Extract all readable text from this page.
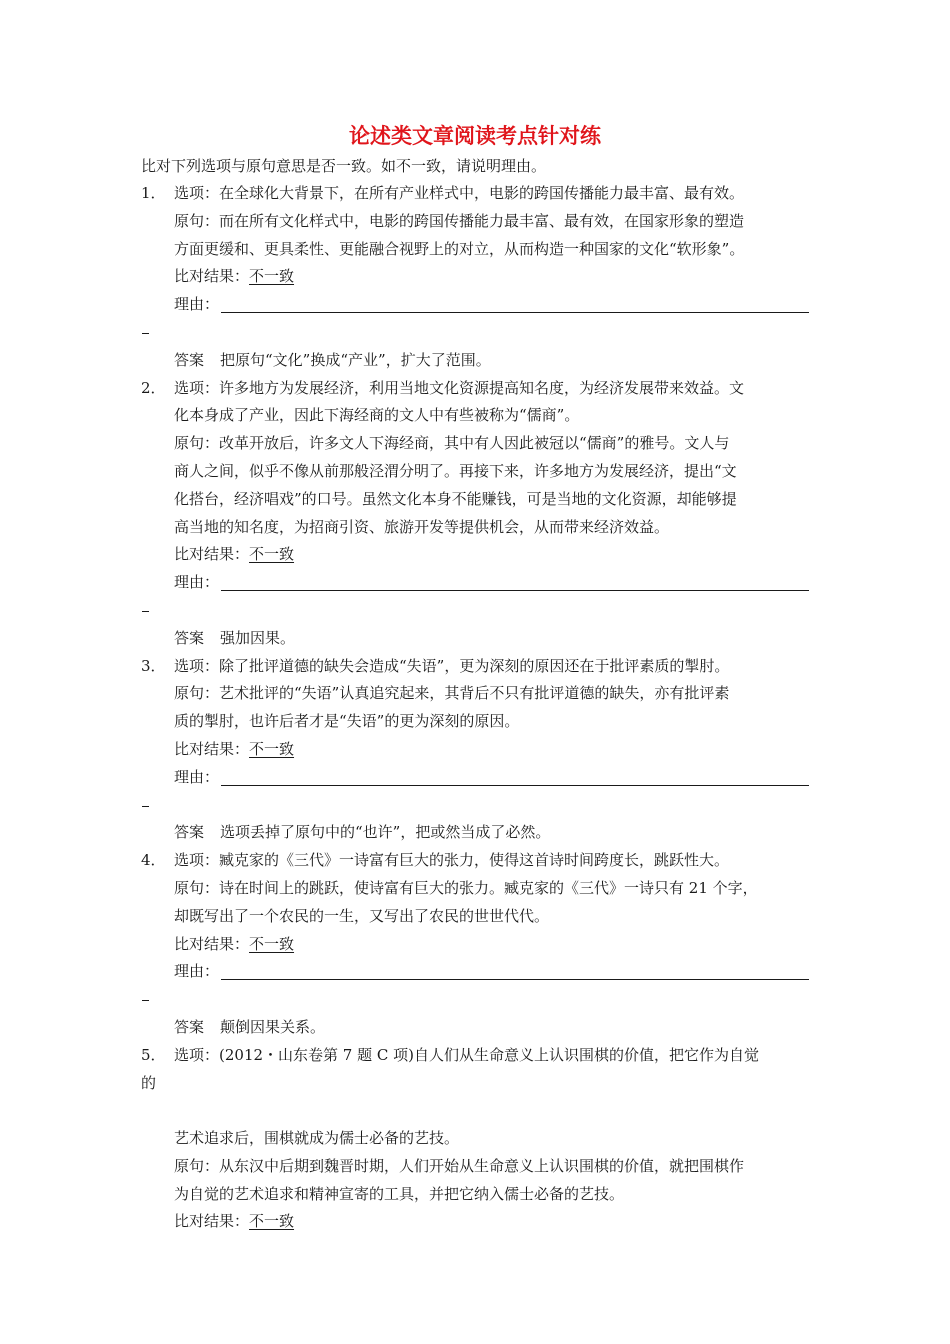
论述类文章阅读考点针对练
比对下列选项与原句意思是否一致。如不一致，请说明理由。
1． 选项：在全球化大背景下，在所有产业样式中，电影的跨国传播能力最丰富、最有效。
原句：而在所有文化样式中，电影的跨国传播能力最丰富、最有效，在国家形象的塑造
方面更缓和、更具柔性、更能融合视野上的对立，从而构造一种国家的文化“软形象”。
比对结果：不一致
理由：
答案 把原句“文化”换成“产业”，扩大了范围。
2． 选项：许多地方为发展经济，利用当地文化资源提高知名度，为经济发展带来效益。文
化本身成了产业，因此下海经商的文人中有些被称为“儒商”。
原句：改革开放后，许多文人下海经商，其中有人因此被冠以“儒商”的雅号。文人与
商人之间，似乎不像从前那般泾渭分明了。再接下来，许多地方为发展经济，提出“文
化搭台，经济唱戏”的口号。虽然文化本身不能赚钱，可是当地的文化资源，却能够提
高当地的知名度，为招商引资、旅游开发等提供机会，从而带来经济效益。
比对结果：不一致
理由：
答案 强加因果。
3． 选项：除了批评道德的缺失会造成“失语”，更为深刻的原因还在于批评素质的掣肘。
原句：艺术批评的“失语”认真追究起来，其背后不只有批评道德的缺失，亦有批评素
质的掣肘，也许后者才是“失语”的更为深刻的原因。
比对结果：不一致
理由：
答案 选项丢掉了原句中的“也许”，把或然当成了必然。
4． 选项：臧克家的《三代》一诗富有巨大的张力，使得这首诗时间跨度长，跳跃性大。
原句：诗在时间上的跳跃，使诗富有巨大的张力。臧克家的《三代》一诗只有 21 个字，
却既写出了一个农民的一生，又写出了农民的世世代代。
比对结果：不一致
理由：
答案 颠倒因果关系。
5． 选项：(2012・山东卷第 7 题 C 项)自人们从生命意义上认识围棋的价值，把它作为自觉
的
艺术追求后，围棋就成为儒士必备的艺技。
原句：从东汉中后期到魏晋时期，人们开始从生命意义上认识围棋的价值，就把围棋作
为自觉的艺术追求和精神宣寄的工具，并把它纳入儒士必备的艺技。
比对结果：不一致
